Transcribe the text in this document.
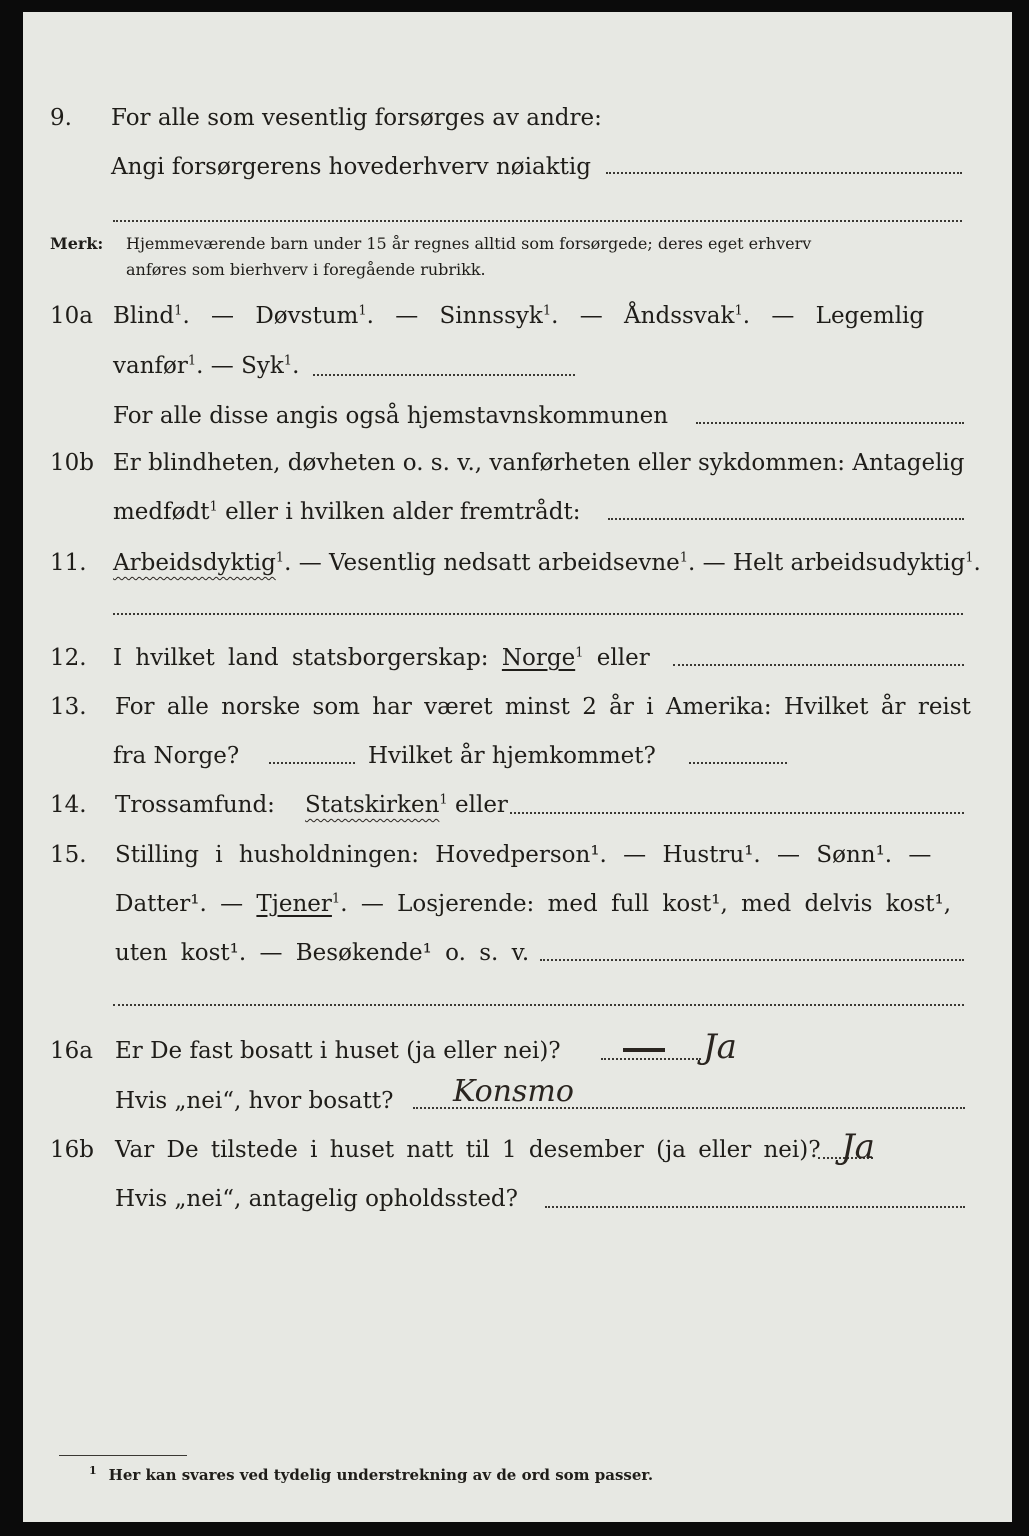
9. For alle som vesentlig forsørges av andre:
Angi forsørgerens hovederhverv nøiaktig
Merk: Hjemmeværende barn under 15 år regnes alltid som forsørgede; deres eget erhverv
anføres som bierhverv i foregående rubrikk.
10a Blind$^1$. — Døvstum$^1$. — Sinnssyk$^1$. — Åndssvak$^1$. — Legemlig
vanfør$^1$. — Syk$^1$.
For alle disse angis også hjemstavnskommunen
10b Er blindheten, døvheten o. s. v., vanførheten eller sykdommen: Antagelig
medfødt$^1$ eller i hvilken alder fremtrådt:
11. Arbeidsdyktig$^1$. — Vesentlig nedsatt arbeidsevne$^1$. — Helt arbeidsudyktig$^1$.
12. I hvilket land statsborgerskap: Norge$^1$ eller
13. For alle norske som har været minst 2 år i Amerika: Hvilket år reist
fra Norge?	Hvilket år hjemkommet?
14. Trossamfund: Statskirken$^1$ eller
15. Stilling i husholdningen: Hovedperson¹. — Hustru¹. — Sønn¹. —
Datter¹. — Tjener$^1$. — Losjerende: med full kost¹, med delvis kost¹,
uten kost¹. — Besøkende¹ o. s. v.
16a Er De fast bosatt i huset (ja eller nei)?	Ja
Hvis „nei“, hvor bosatt? Konsmo
16b Var De tilstede i huset natt til 1 desember (ja eller nei)? Ja
Hvis „nei“, antagelig opholdssted?
$^1$ Her kan svares ved tydelig understrekning av de ord som passer.
